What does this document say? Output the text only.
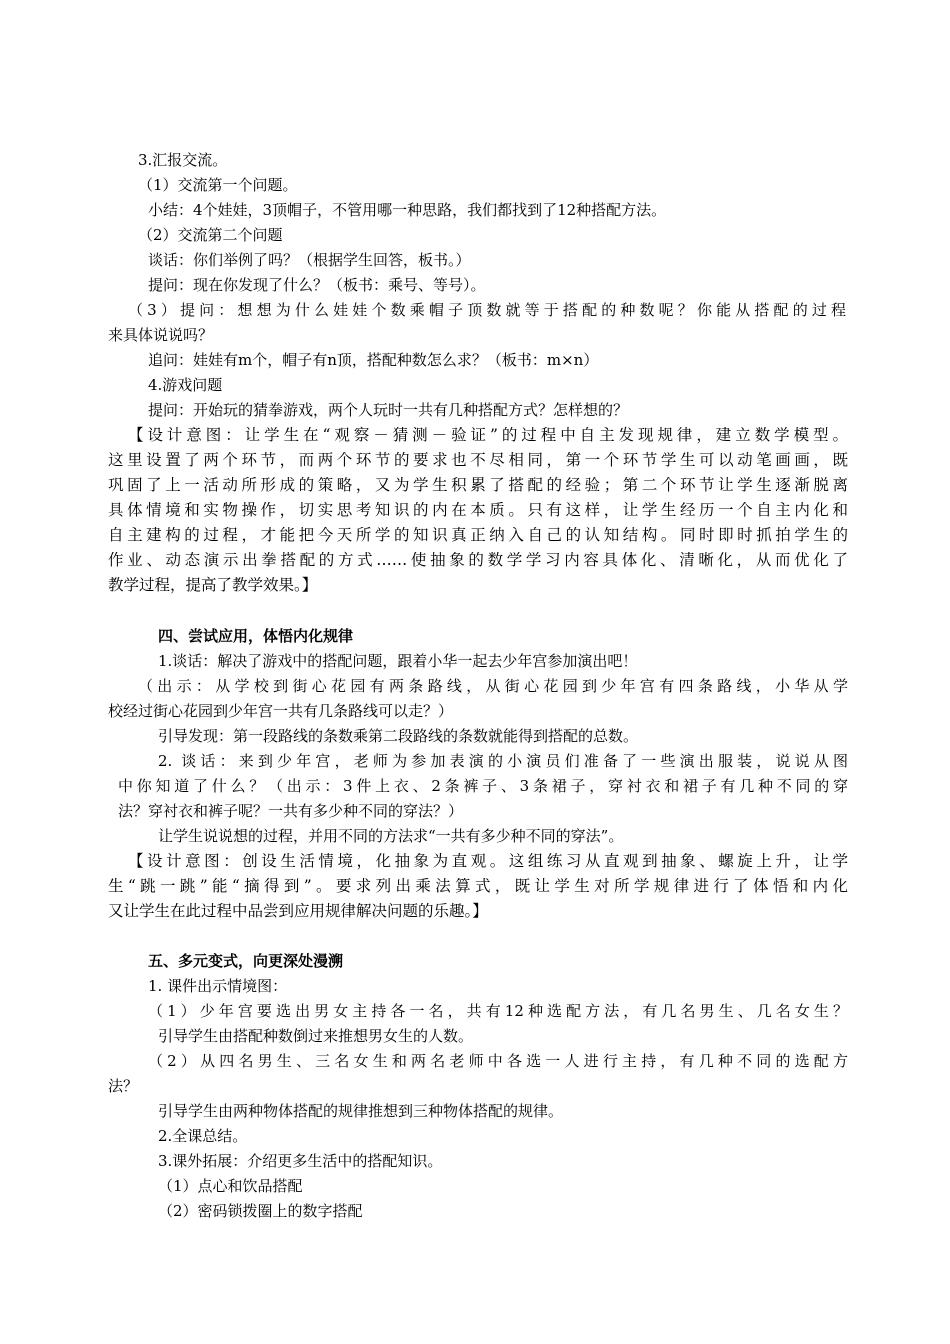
3.汇报交流。

（1）交流第一个问题。

小结：4个娃娃，3顶帽子，不管用哪一种思路，我们都找到了12种搭配方法。

（2）交流第二个问题

谈话：你们举例了吗？（根据学生回答，板书。）

提问：现在你发现了什么？（板书：乘号、等号）。

（3）提问：想想为什么娃娃个数乘帽子顶数就等于搭配的种数呢？你能从搭配的过程

来具体说说吗？

追问：娃娃有m个，帽子有n顶，搭配种数怎么求？（板书：m×n）

4.游戏问题

提问：开始玩的猜拳游戏，两个人玩时一共有几种搭配方式？怎样想的？

【设计意图：让学生在“观察－猜测－验证”的过程中自主发现规律，建立数学模型。

这里设置了两个环节，而两个环节的要求也不尽相同，第一个环节学生可以动笔画画，既

巩固了上一活动所形成的策略，又为学生积累了搭配的经验；第二个环节让学生逐渐脱离

具体情境和实物操作，切实思考知识的内在本质。只有这样，让学生经历一个自主内化和

自主建构的过程，才能把今天所学的知识真正纳入自己的认知结构。同时即时抓拍学生的

作业、动态演示出拳搭配的方式……使抽象的数学学习内容具体化、清晰化，从而优化了

教学过程，提高了教学效果。】

四、尝试应用，体悟内化规律

1.谈话：解决了游戏中的搭配问题，跟着小华一起去少年宫参加演出吧！

（出示：从学校到街心花园有两条路线，从街心花园到少年宫有四条路线，小华从学

校经过街心花园到少年宫一共有几条路线可以走？）

引导发现：第一段路线的条数乘第二段路线的条数就能得到搭配的总数。

2. 谈话：来到少年宫，老师为参加表演的小演员们准备了一些演出服装，说说从图

中你知道了什么？（出示：3件上衣、2条裤子、3条裙子，穿衬衣和裙子有几种不同的穿

法？穿衬衣和裤子呢？一共有多少种不同的穿法？）

让学生说说想的过程，并用不同的方法求“一共有多少种不同的穿法”。

【设计意图：创设生活情境，化抽象为直观。这组练习从直观到抽象、螺旋上升，让学

生“跳一跳”能“摘得到”。要求列出乘法算式，既让学生对所学规律进行了体悟和内化

又让学生在此过程中品尝到应用规律解决问题的乐趣。】

五、多元变式，向更深处漫溯

1. 课件出示情境图：

（1）少年宫要选出男女主持各一名，共有12种选配方法，有几名男生、几名女生？

引导学生由搭配种数倒过来推想男女生的人数。

（2）从四名男生、三名女生和两名老师中各选一人进行主持，有几种不同的选配方

法？

引导学生由两种物体搭配的规律推想到三种物体搭配的规律。

2.全课总结。

3.课外拓展：介绍更多生活中的搭配知识。

（1）点心和饮品搭配

（2）密码锁拨圈上的数字搭配
